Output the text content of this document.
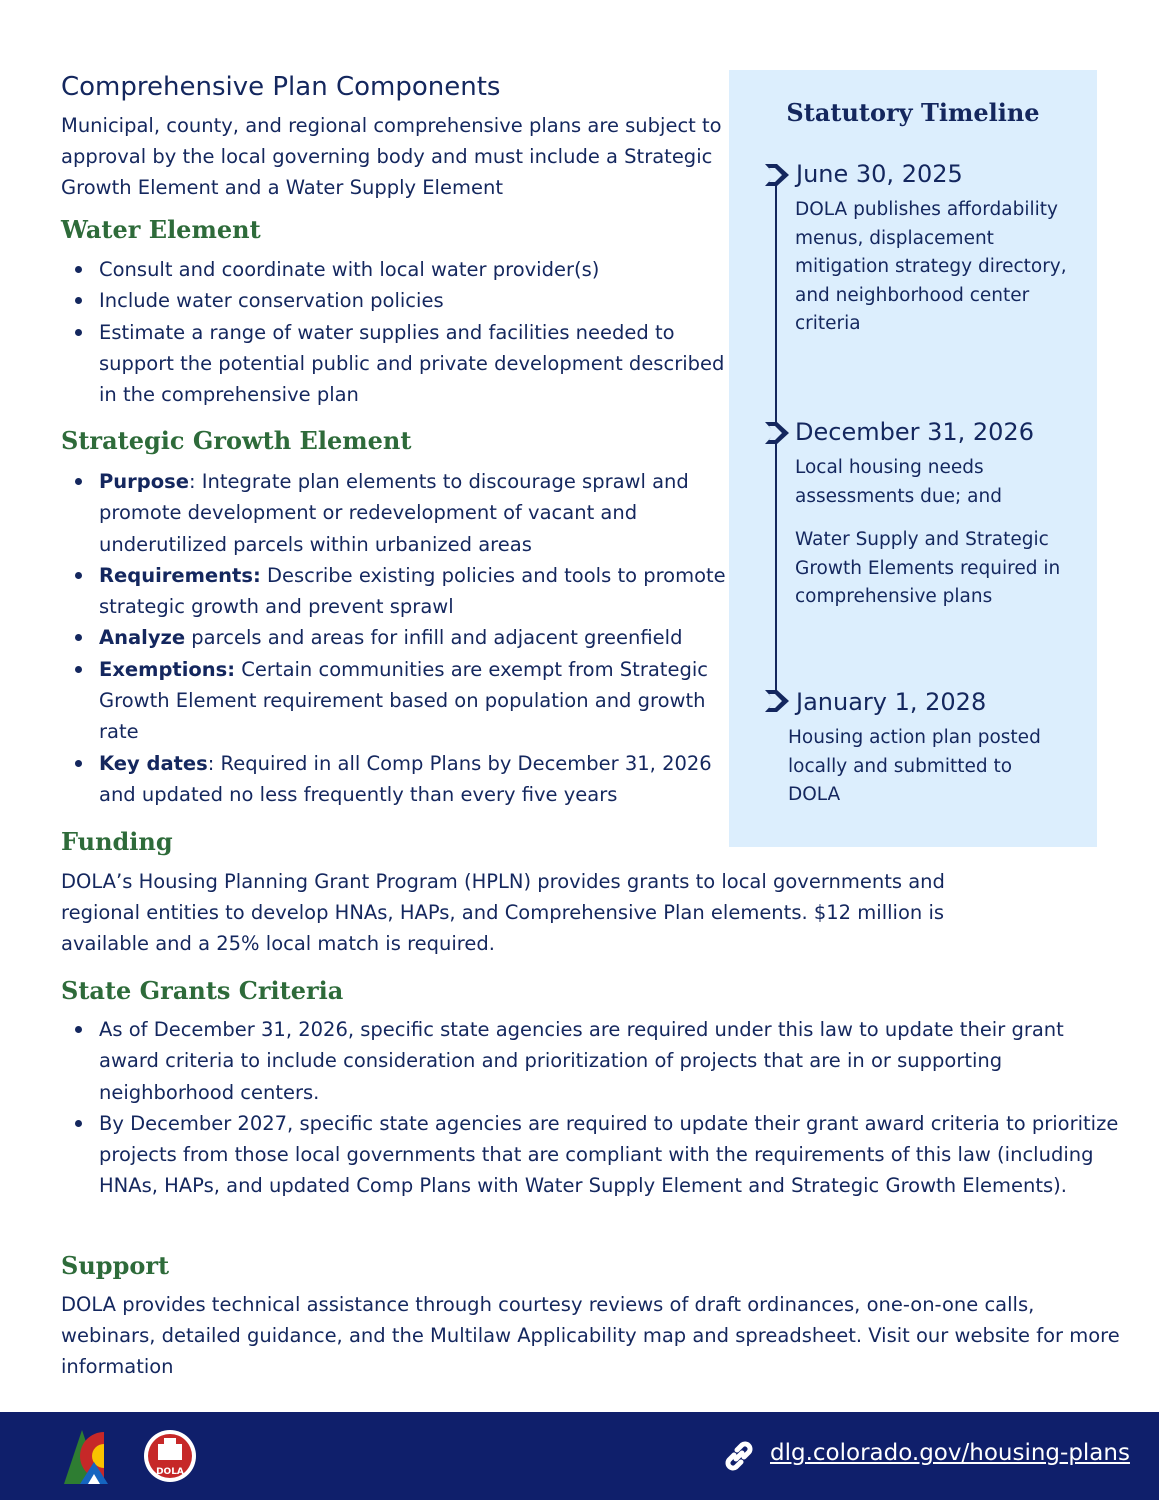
Comprehensive Plan Components

Municipal, county, and regional comprehensive plans are subject to approval by the local governing body and must include a Strategic Growth Element and a Water Supply Element

Water Element
Consult and coordinate with local water provider(s)
Include water conservation policies
Estimate a range of water supplies and facilities needed to support the potential public and private development described in the comprehensive plan
Strategic Growth Element
Purpose: Integrate plan elements to discourage sprawl and promote development or redevelopment of vacant and underutilized parcels within urbanized areas
Requirements: Describe existing policies and tools to promote strategic growth and prevent sprawl
Analyze parcels and areas for infill and adjacent greenfield
Exemptions: Certain communities are exempt from Strategic Growth Element requirement based on population and growth rate
Key dates: Required in all Comp Plans by December 31, 2026 and updated no less frequently than every five years
Funding

DOLA’s Housing Planning Grant Program (HPLN) provides grants to local governments and regional entities to develop HNAs, HAPs, and Comprehensive Plan elements. $12 million is available and a 25% local match is required.

State Grants Criteria
As of December 31, 2026, specific state agencies are required under this law to update their grant award criteria to include consideration and prioritization of projects that are in or supporting neighborhood centers.
By December 2027, specific state agencies are required to update their grant award criteria to prioritize projects from those local governments that are compliant with the requirements of this law (including HNAs, HAPs, and updated Comp Plans with Water Supply Element and Strategic Growth Elements).
Support

DOLA provides technical assistance through courtesy reviews of draft ordinances, one-on-one calls, webinars, detailed guidance, and the Multilaw Applicability map and spreadsheet. Visit our website for more information

Statutory Timeline

June 30, 2025

DOLA publishes affordability menus, displacement mitigation strategy directory, and neighborhood center criteria

December 31, 2026

Local housing needs assessments due; and

Water Supply and Strategic Growth Elements required in comprehensive plans

January 1, 2028

Housing action plan posted locally and submitted to DOLA

DOLA
dlg.colorado.gov/housing-plans
